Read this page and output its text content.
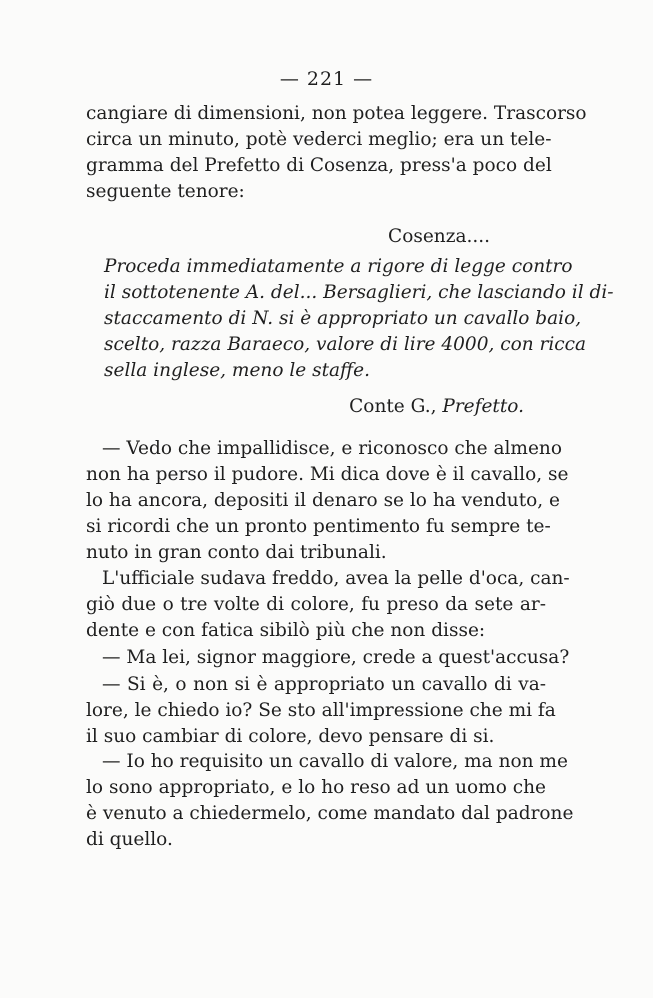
— 221 —
cangiare di dimensioni, non potea leggere. Trascorso
circa un minuto, potè vederci meglio; era un tele-
gramma del Prefetto di Cosenza, press'a poco del
seguente tenore:
Cosenza....
Proceda immediatamente a rigore di legge contro
il sottotenente A. del... Bersaglieri, che lasciando il di-
staccamento di N. si è appropriato un cavallo baio,
scelto, razza Baraeco, valore di lire 4000, con ricca
sella inglese, meno le staffe.
Conte G., Prefetto.
— Vedo che impallidisce, e riconosco che almeno
non ha perso il pudore. Mi dica dove è il cavallo, se
lo ha ancora, depositi il denaro se lo ha venduto, e
si ricordi che un pronto pentimento fu sempre te-
nuto in gran conto dai tribunali.
L'ufficiale sudava freddo, avea la pelle d'oca, can-
giò due o tre volte di colore, fu preso da sete ar-
dente e con fatica sibilò più che non disse:
— Ma lei, signor maggiore, crede a quest'accusa?
— Si è, o non si è appropriato un cavallo di va-
lore, le chiedo io? Se sto all'impressione che mi fa
il suo cambiar di colore, devo pensare di si.
— Io ho requisito un cavallo di valore, ma non me
lo sono appropriato, e lo ho reso ad un uomo che
è venuto a chiedermelo, come mandato dal padrone
di quello.
